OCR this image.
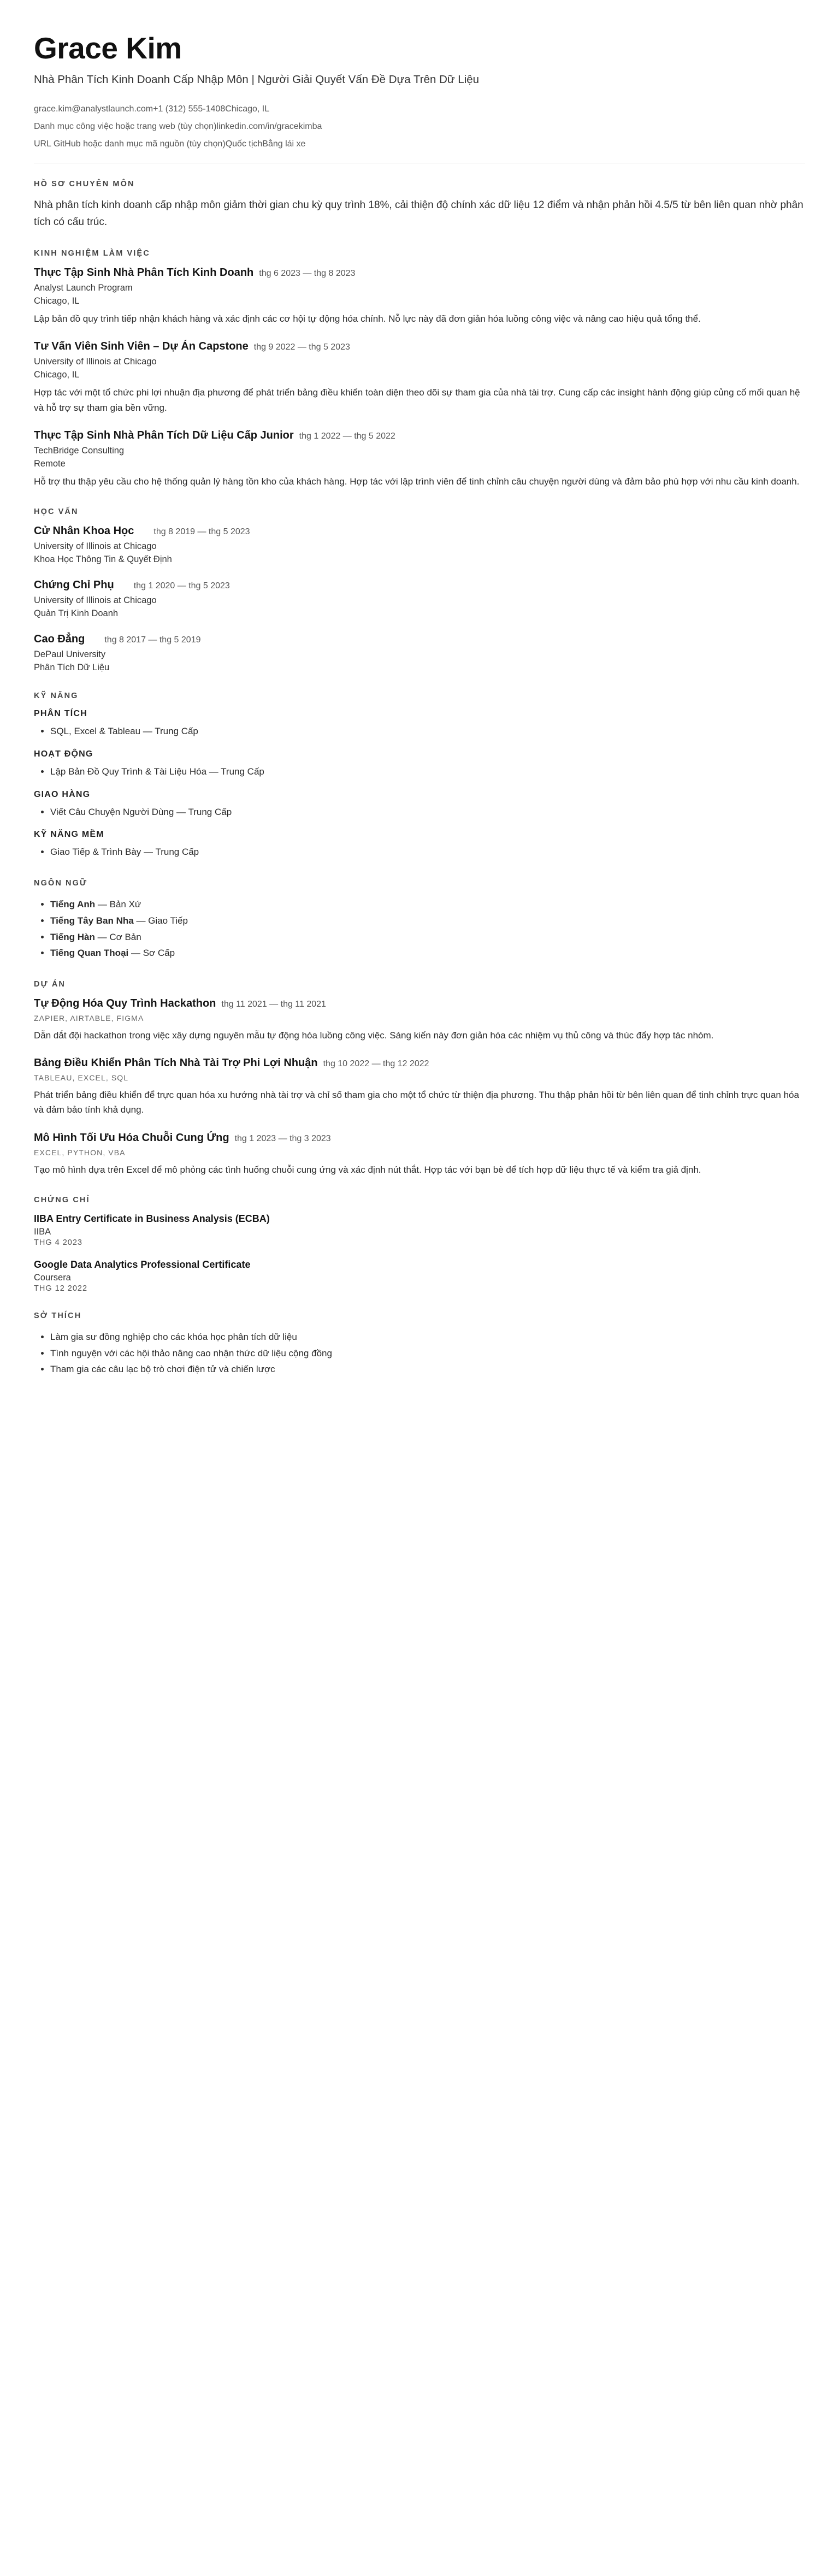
Grace Kim
Nhà Phân Tích Kinh Doanh Cấp Nhập Môn | Người Giải Quyết Vấn Đề Dựa Trên Dữ Liệu
grace.kim@analystlaunch.com+1 (312) 555-1408Chicago, IL
Danh mục công việc hoặc trang web (tùy chọn)linkedin.com/in/gracekimba
URL GitHub hoặc danh mục mã nguồn (tùy chọn)Quốc tịchBằng lái xe
HỒ SƠ CHUYÊN MÔN

Nhà phân tích kinh doanh cấp nhập môn giảm thời gian chu kỳ quy trình 18%, cải thiện độ chính xác dữ liệu 12 điểm và nhận phản hồi 4.5/5 từ bên liên quan nhờ phân tích có cấu trúc.

KINH NGHIỆM LÀM VIỆC
Thực Tập Sinh Nhà Phân Tích Kinh Doanh thg 6 2023 — thg 8 2023
Analyst Launch Program
Chicago, IL

Lập bản đồ quy trình tiếp nhận khách hàng và xác định các cơ hội tự động hóa chính. Nỗ lực này đã đơn giản hóa luồng công việc và nâng cao hiệu quả tổng thể.

Tư Vấn Viên Sinh Viên – Dự Án Capstone thg 9 2022 — thg 5 2023
University of Illinois at Chicago
Chicago, IL

Hợp tác với một tổ chức phi lợi nhuận địa phương để phát triển bảng điều khiển toàn diện theo dõi sự tham gia của nhà tài trợ. Cung cấp các insight hành động giúp củng cố mối quan hệ và hỗ trợ sự tham gia bền vững.

Thực Tập Sinh Nhà Phân Tích Dữ Liệu Cấp Junior thg 1 2022 — thg 5 2022
TechBridge Consulting
Remote

Hỗ trợ thu thập yêu cầu cho hệ thống quản lý hàng tồn kho của khách hàng. Hợp tác với lập trình viên để tinh chỉnh câu chuyện người dùng và đảm bảo phù hợp với nhu cầu kinh doanh.

HỌC VẤN
Cử Nhân Khoa Học thg 8 2019 — thg 5 2023
University of Illinois at Chicago
Khoa Học Thông Tin & Quyết Định
Chứng Chỉ Phụ thg 1 2020 — thg 5 2023
University of Illinois at Chicago
Quản Trị Kinh Doanh
Cao Đẳng thg 8 2017 — thg 5 2019
DePaul University
Phân Tích Dữ Liệu
KỸ NĂNG
PHÂN TÍCH
• SQL, Excel & Tableau — Trung Cấp
HOẠT ĐỘNG
• Lập Bản Đồ Quy Trình & Tài Liệu Hóa — Trung Cấp
GIAO HÀNG
• Viết Câu Chuyện Người Dùng — Trung Cấp
KỸ NĂNG MỀM
• Giao Tiếp & Trình Bày — Trung Cấp
NGÔN NGỮ
• Tiếng Anh — Bản Xứ
• Tiếng Tây Ban Nha — Giao Tiếp
• Tiếng Hàn — Cơ Bản
• Tiếng Quan Thoại — Sơ Cấp
DỰ ÁN
Tự Động Hóa Quy Trình Hackathon thg 11 2021 — thg 11 2021
ZAPIER, AIRTABLE, FIGMA

Dẫn dắt đội hackathon trong việc xây dựng nguyên mẫu tự động hóa luồng công việc. Sáng kiến này đơn giản hóa các nhiệm vụ thủ công và thúc đẩy hợp tác nhóm.

Bảng Điều Khiển Phân Tích Nhà Tài Trợ Phi Lợi Nhuận thg 10 2022 — thg 12 2022
TABLEAU, EXCEL, SQL

Phát triển bảng điều khiển để trực quan hóa xu hướng nhà tài trợ và chỉ số tham gia cho một tổ chức từ thiện địa phương. Thu thập phản hồi từ bên liên quan để tinh chỉnh trực quan hóa và đảm bảo tính khả dụng.

Mô Hình Tối Ưu Hóa Chuỗi Cung Ứng thg 1 2023 — thg 3 2023
EXCEL, PYTHON, VBA

Tạo mô hình dựa trên Excel để mô phỏng các tình huống chuỗi cung ứng và xác định nút thắt. Hợp tác với bạn bè để tích hợp dữ liệu thực tế và kiểm tra giả định.

CHỨNG CHỈ
IIBA Entry Certificate in Business Analysis (ECBA)
IIBA
THG 4 2023
Google Data Analytics Professional Certificate
Coursera
THG 12 2022
SỞ THÍCH
• Làm gia sư đồng nghiệp cho các khóa học phân tích dữ liệu
• Tình nguyện với các hội thảo nâng cao nhận thức dữ liệu cộng đồng
• Tham gia các câu lạc bộ trò chơi điện tử và chiến lược
